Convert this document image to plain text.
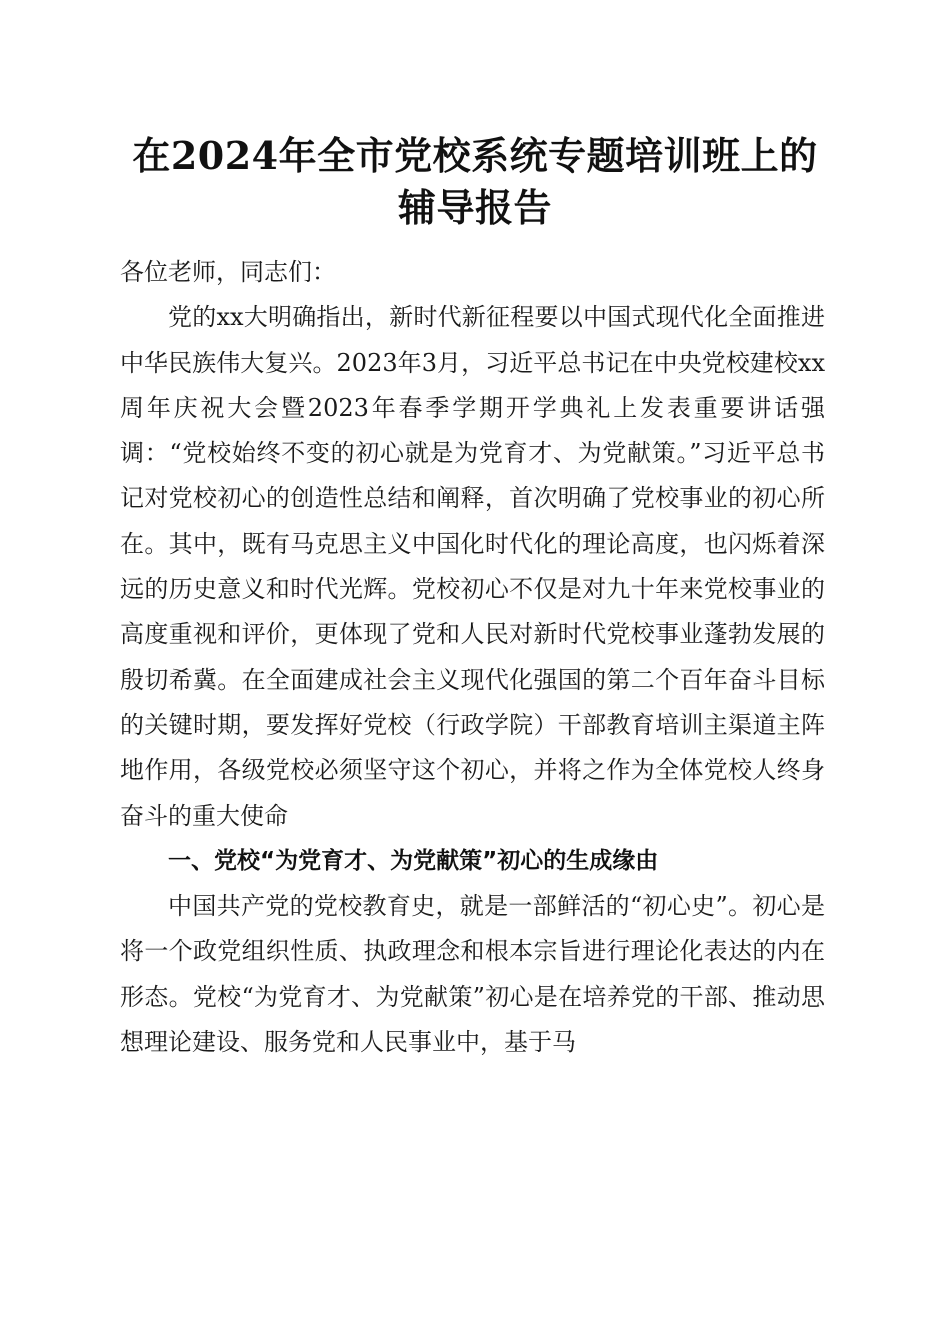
在2024年全市党校系统专题培训班上的辅导报告

各位老师，同志们：

党的xx大明确指出，新时代新征程要以中国式现代化全面推进中华民族伟大复兴。2023年3月，习近平总书记在中央党校建校xx周年庆祝大会暨2023年春季学期开学典礼上发表重要讲话强调：“党校始终不变的初心就是为党育才、为党献策。”习近平总书记对党校初心的创造性总结和阐释，首次明确了党校事业的初心所在。其中，既有马克思主义中国化时代化的理论高度，也闪烁着深远的历史意义和时代光辉。党校初心不仅是对九十年来党校事业的高度重视和评价，更体现了党和人民对新时代党校事业蓬勃发展的殷切希冀。在全面建成社会主义现代化强国的第二个百年奋斗目标的关键时期，要发挥好党校（行政学院）干部教育培训主渠道主阵地作用，各级党校必须坚守这个初心，并将之作为全体党校人终身奋斗的重大使命

一、党校“为党育才、为党献策”初心的生成缘由

中国共产党的党校教育史，就是一部鲜活的“初心史”。初心是将一个政党组织性质、执政理念和根本宗旨进行理论化表达的内在形态。党校“为党育才、为党献策”初心是在培养党的干部、推动思想理论建设、服务党和人民事业中，基于马
